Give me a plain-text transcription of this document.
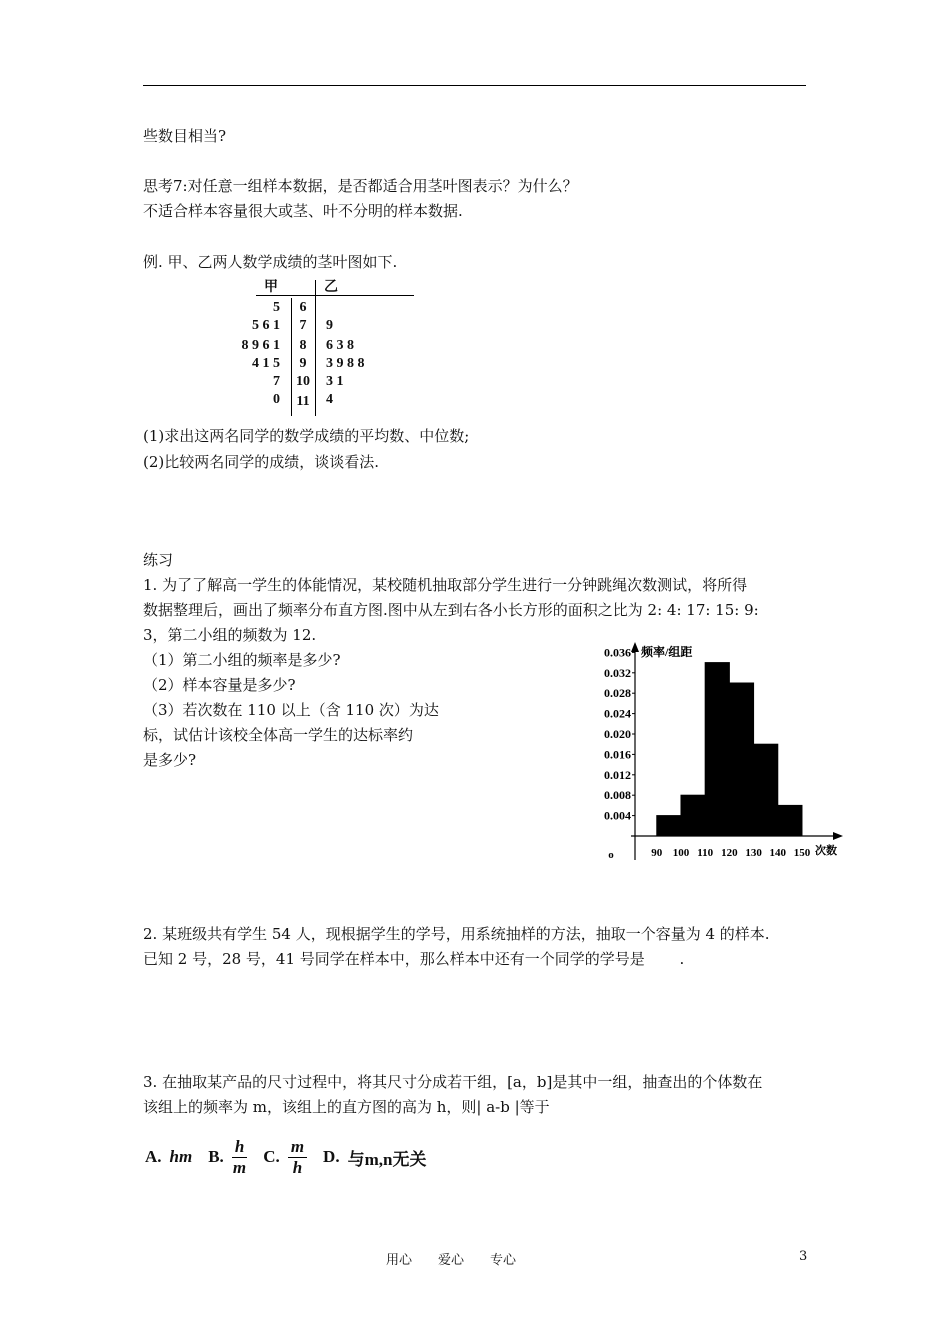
些数目相当?
思考7:对任意一组样本数据，是否都适合用茎叶图表示？为什么？
不适合样本容量很大或茎、叶不分明的样本数据.
例. 甲、乙两人数学成绩的茎叶图如下.
甲	乙
5	6
5 6 1	7	9
8 9 6 1	8	6 3 8
4 1 5	9	3 9 8 8
7	10	3 1
0	11	4
(1)求出这两名同学的数学成绩的平均数、中位数;
(2)比较两名同学的成绩，谈谈看法.
练习
1. 为了了解高一学生的体能情况，某校随机抽取部分学生进行一分钟跳绳次数测试，将所得
数据整理后，画出了频率分布直方图.图中从左到右各小长方形的面积之比为 2: 4: 17: 15: 9:
3，第二小组的频数为 12.
（1）第二小组的频率是多少?
（2）样本容量是多少?
（3）若次数在 110 以上（含 110 次）为达
标，试估计该校全体高一学生的达标率约
是多少?
0.004
0.008
0.012
0.016
0.020
0.024
0.028
0.032
0.036
90 100 110 120 130 140 150
频率/组距
次数
o
2. 某班级共有学生 54 人，现根据学生的学号，用系统抽样的方法，抽取一个容量为 4 的样本.
已知 2 号，28 号，41 号同学在样本中，那么样本中还有一个同学的学号是 　　.
3. 在抽取某产品的尺寸过程中，将其尺寸分成若干组，[a，b]是其中一组，抽查出的个体数在
该组上的频率为 m，该组上的直方图的高为 h，则| a-b |等于
A. hm B. $\frac{h}{m} C$. $\frac{m}{h} D$. 与m,n无关
用心　　爱心　　专心	3
